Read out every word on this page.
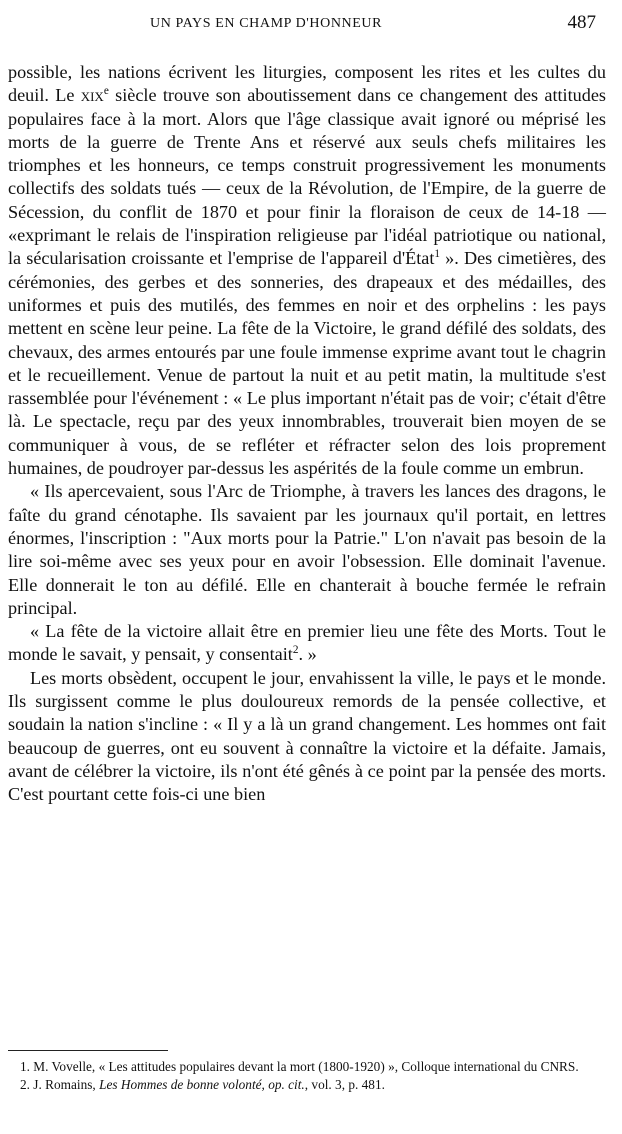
UN PAYS EN CHAMP D'HONNEUR	487

possible, les nations écrivent les liturgies, composent les rites et les cultes du deuil. Le xix$^e$ siècle trouve son aboutissement dans ce changement des attitudes populaires face à la mort. Alors que l'âge classique avait ignoré ou méprisé les morts de la guerre de Trente Ans et réservé aux seuls chefs militaires les triomphes et les honneurs, ce temps construit progressivement les monuments collectifs des soldats tués — ceux de la Révolution, de l'Empire, de la guerre de Sécession, du conflit de 1870 et pour finir la floraison de ceux de 14-18 — «exprimant le relais de l'inspiration religieuse par l'idéal patriotique ou national, la sécularisation croissante et l'emprise de l'appareil d'État$^1$ ». Des cimetières, des cérémonies, des gerbes et des sonneries, des drapeaux et des médailles, des uniformes et puis des mutilés, des femmes en noir et des orphelins : les pays mettent en scène leur peine. La fête de la Victoire, le grand défilé des soldats, des chevaux, des armes entourés par une foule immense exprime avant tout le chagrin et le recueillement. Venue de partout la nuit et au petit matin, la multitude s'est rassemblée pour l'événement : « Le plus important n'était pas de voir; c'était d'être là. Le spectacle, reçu par des yeux innombrables, trouverait bien moyen de se communiquer à vous, de se refléter et réfracter selon des lois proprement humaines, de poudroyer par-dessus les aspérités de la foule comme un embrun.

« Ils apercevaient, sous l'Arc de Triomphe, à travers les lances des dragons, le faîte du grand cénotaphe. Ils savaient par les journaux qu'il portait, en lettres énormes, l'inscription : "Aux morts pour la Patrie." L'on n'avait pas besoin de la lire soi-même avec ses yeux pour en avoir l'obsession. Elle dominait l'avenue. Elle donnerait le ton au défilé. Elle en chanterait à bouche fermée le refrain principal.

« La fête de la victoire allait être en premier lieu une fête des Morts. Tout le monde le savait, y pensait, y consentait$^2$. »

Les morts obsèdent, occupent le jour, envahissent la ville, le pays et le monde. Ils surgissent comme le plus douloureux remords de la pensée collective, et soudain la nation s'incline : « Il y a là un grand changement. Les hommes ont fait beaucoup de guerres, ont eu souvent à connaître la victoire et la défaite. Jamais, avant de célébrer la victoire, ils n'ont été gênés à ce point par la pensée des morts. C'est pourtant cette fois-ci une bien

1. M. Vovelle, « Les attitudes populaires devant la mort (1800-1920) », Colloque international du CNRS.

2. J. Romains, Les Hommes de bonne volonté, op. cit., vol. 3, p. 481.
